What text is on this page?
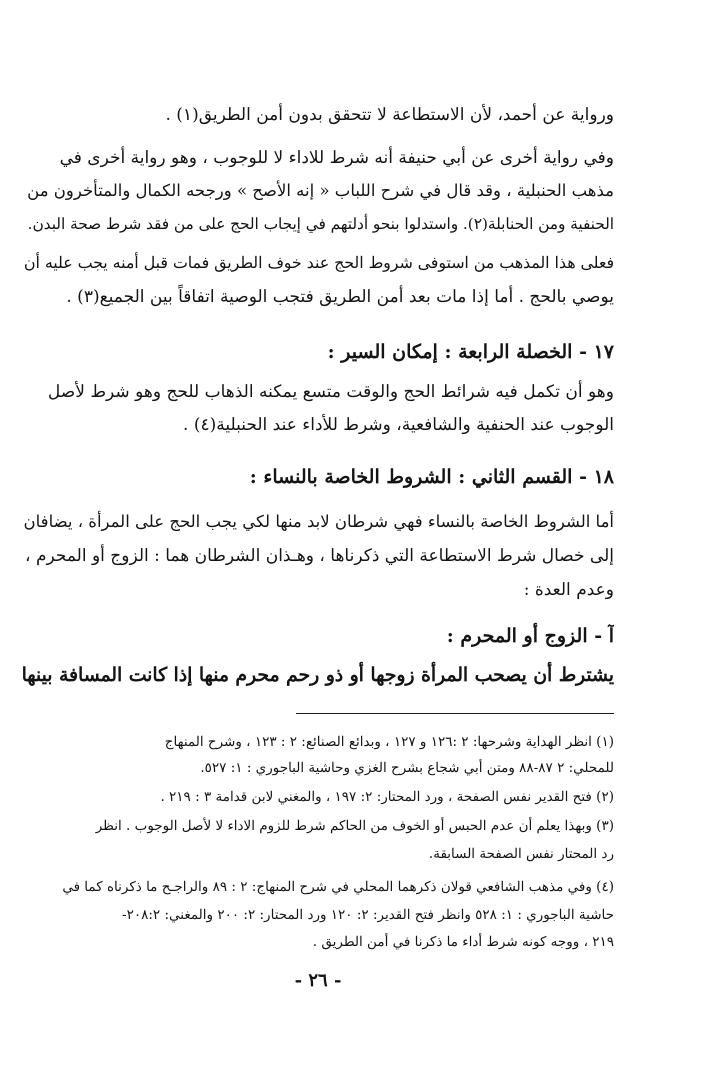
ورواية عن أحمد، لأن الاستطاعة لا تتحقق بدون أمن الطريق(١) .

وفي رواية أخرى عن أبي حنيفة أنه شرط للاداء لا للوجوب ، وهو رواية أخرى في

مذهب الحنبلية ، وقد قال في شرح اللباب « إنه الأصح » ورجحه الكمال والمتأخرون من

الحنفية ومن الحنابلة(٢). واستدلوا بنحو أدلتهم في إيجاب الحج على من فقد شرط صحة البدن.

فعلى هذا المذهب من استوفى شروط الحج عند خوف الطريق فمات قبل أمنه يجب عليه أن

يوصي بالحج . أما إذا مات بعد أمن الطريق فتجب الوصية اتفاقاً بين الجميع(٣) .

١٧ - الخصلة الرابعة : إمكان السير :

وهو أن تكمل فيه شرائط الحج والوقت متسع يمكنه الذهاب للحج وهو شرط لأصل

الوجوب عند الحنفية والشافعية، وشرط للأداء عند الحنبلية(٤) .

١٨ - القسم الثاني : الشروط الخاصة بالنساء :

أما الشروط الخاصة بالنساء فهي شرطان لابد منها لكي يجب الحج على المرأة ، يضافان

إلى خصال شرط الاستطاعة التي ذكرناها ، وهـذان الشرطان هما : الزوج أو المحرم ،

وعدم العدة :

آ - الزوج أو المحرم :

يشترط أن يصحب المرأة زوجها أو ذو رحم محرم منها إذا كانت المسافة بينها

(١) انظر الهداية وشرحها: ٢ :١٢٦ و ١٢٧ ، وبدائع الصنائع: ٢ : ١٢٣ ، وشرح المنهاج

للمحلي: ٢ ٨٧-٨٨ ومتن أبي شجاع بشرح الغزي وحاشية الباجوري : ١: ٥٢٧.

(٢) فتح القدير نفس الصفحة ، ورد المحتار: ٢: ١٩٧ ، والمغني لابن قدامة ٣ : ٢١٩ .

(٣) وبهذا يعلم أن عدم الحبس أو الخوف من الحاكم شرط للزوم الاداء لا لأصل الوجوب . انظر

رد المحتار نفس الصفحة السابقة.

(٤) وفي مذهب الشافعي قولان ذكرهما المحلي في شرح المنهاج: ٢ : ٨٩ والراجـح ما ذكرناه كما في

حاشية الباجوري : ١: ٥٢٨ وانظر فتح القدير: ٢: ١٢٠ ورد المحتار: ٢: ٢٠٠ والمغني: ٢٠٨:٢-

٢١٩ ، ووجه كونه شرط أداء ما ذكرنا في أمن الطريق .

- ٢٦ -
